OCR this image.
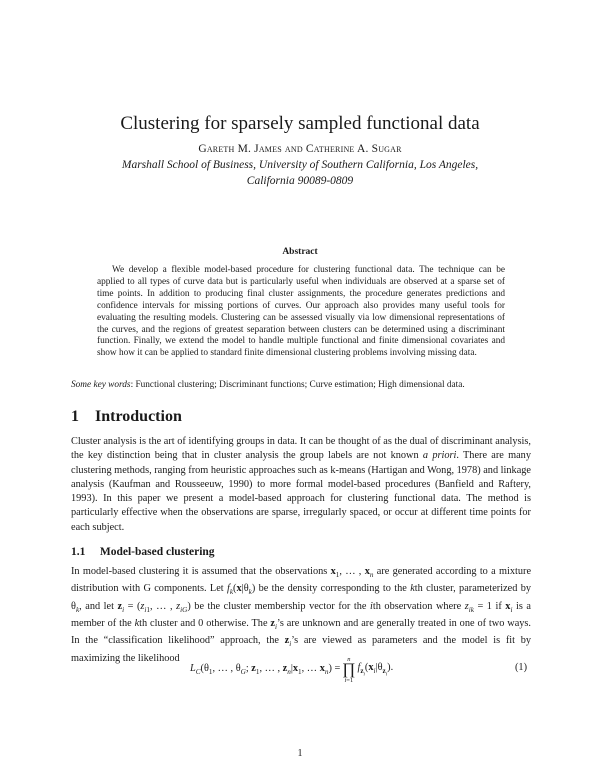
Clustering for sparsely sampled functional data
Gareth M. James and Catherine A. Sugar
Marshall School of Business, University of Southern California, Los Angeles,
California 90089-0809
Abstract
We develop a flexible model-based procedure for clustering functional data. The technique can be applied to all types of curve data but is particularly useful when individuals are observed at a sparse set of time points. In addition to producing final cluster assignments, the procedure generates predictions and confidence intervals for missing portions of curves. Our approach also provides many useful tools for evaluating the resulting models. Clustering can be assessed visually via low dimensional representations of the curves, and the regions of greatest separation between clusters can be determined using a discriminant function. Finally, we extend the model to handle multiple functional and finite dimensional covariates and show how it can be applied to standard finite dimensional clustering problems involving missing data.
Some key words: Functional clustering; Discriminant functions; Curve estimation; High dimensional data.
1 Introduction
Cluster analysis is the art of identifying groups in data. It can be thought of as the dual of discriminant analysis, the key distinction being that in cluster analysis the group labels are not known a priori. There are many clustering methods, ranging from heuristic approaches such as k-means (Hartigan and Wong, 1978) and linkage analysis (Kaufman and Rousseeuw, 1990) to more formal model-based procedures (Banfield and Raftery, 1993). In this paper we present a model-based approach for clustering functional data. The method is particularly effective when the observations are sparse, irregularly spaced, or occur at different time points for each subject.
1.1 Model-based clustering
In model-based clustering it is assumed that the observations $x_1$, … , $x_n$ are generated according to a mixture distribution with G components. Let $f_k(x|\theta_k)$ be the density corresponding to the kth cluster, parameterized by $\theta_k$, and let $z_i = (z_{i1}$, … , $z_{iG}$) be the cluster membership vector for the ith observation where $z_{ik} = 1$ if $x_i$ is a member of the kth cluster and 0 otherwise. The $z_i’s$ are unknown and are generally treated in one of two ways. In the “classification likelihood” approach, the $z_i’s$ are viewed as parameters and the model is fit by maximizing the likelihood
$L_C(\theta_1$, … , $\theta_G$; $z_1$, … , $z_n|x_1$, … $x_n$) =
n
∏
i=1
$f_{z_i}(x_i|\theta_{z_i})$.	(1)
1
